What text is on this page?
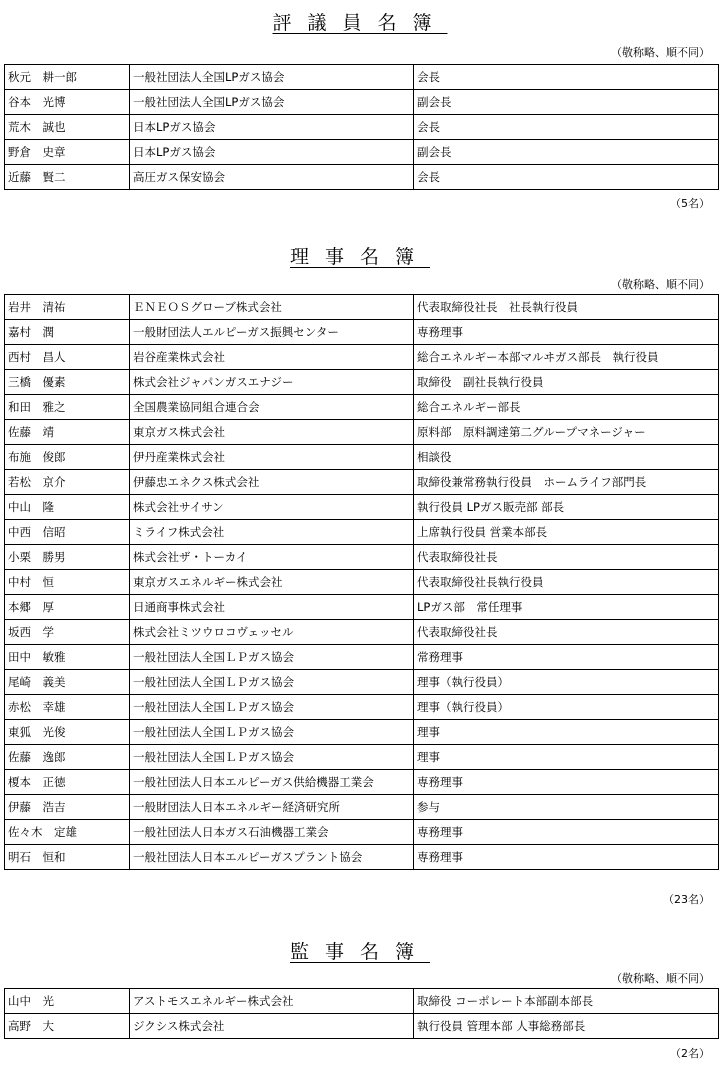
評議員名簿
（敬称略、順不同）
秋元　耕一郎	一般社団法人全国LPガス協会	会長
谷本　光博	一般社団法人全国LPガス協会	副会長
荒木　誠也	日本LPガス協会	会長
野倉　史章	日本LPガス協会	副会長
近藤　賢二	高圧ガス保安協会	会長
（5名）
理事名簿
（敬称略、順不同）
岩井　清祐	ＥＮＥＯＳグローブ株式会社	代表取締役社長　社長執行役員
嘉村　潤	一般財団法人エルピーガス振興センター	専務理事
西村　昌人	岩谷産業株式会社	総合エネルギー本部マルヰガス部長　執行役員
三橋　優素	株式会社ジャパンガスエナジー	取締役　副社長執行役員
和田　雅之	全国農業協同組合連合会	総合エネルギー部長
佐藤　靖	東京ガス株式会社	原料部　原料調達第二グループマネージャー
布施　俊郎	伊丹産業株式会社	相談役
若松　京介	伊藤忠エネクス株式会社	取締役兼常務執行役員　ホームライフ部門長
中山　隆	株式会社サイサン	執行役員 LPガス販売部 部長
中西　信昭	ミライフ株式会社	上席執行役員 営業本部長
小栗　勝男	株式会社ザ・トーカイ	代表取締役社長
中村　恒	東京ガスエネルギー株式会社	代表取締役社長執行役員
本郷　厚	日通商事株式会社	LPガス部　常任理事
坂西　学	株式会社ミツウロコヴェッセル	代表取締役社長
田中　敏雅	一般社団法人全国ＬＰガス協会	常務理事
尾崎　義美	一般社団法人全国ＬＰガス協会	理事（執行役員）
赤松　幸雄	一般社団法人全国ＬＰガス協会	理事（執行役員）
東狐　光俊	一般社団法人全国ＬＰガス協会	理事
佐藤　逸郎	一般社団法人全国ＬＰガス協会	理事
榎本　正徳	一般社団法人日本エルピーガス供給機器工業会	専務理事
伊藤　浩吉	一般財団法人日本エネルギー経済研究所	参与
佐々木　定雄	一般社団法人日本ガス石油機器工業会	専務理事
明石　恒和	一般社団法人日本エルピーガスプラント協会	専務理事
（23名）
監事名簿
（敬称略、順不同）
山中　光	アストモスエネルギー株式会社	取締役 コーポレート本部副本部長
高野　大	ジクシス株式会社	執行役員 管理本部 人事総務部長
（2名）
